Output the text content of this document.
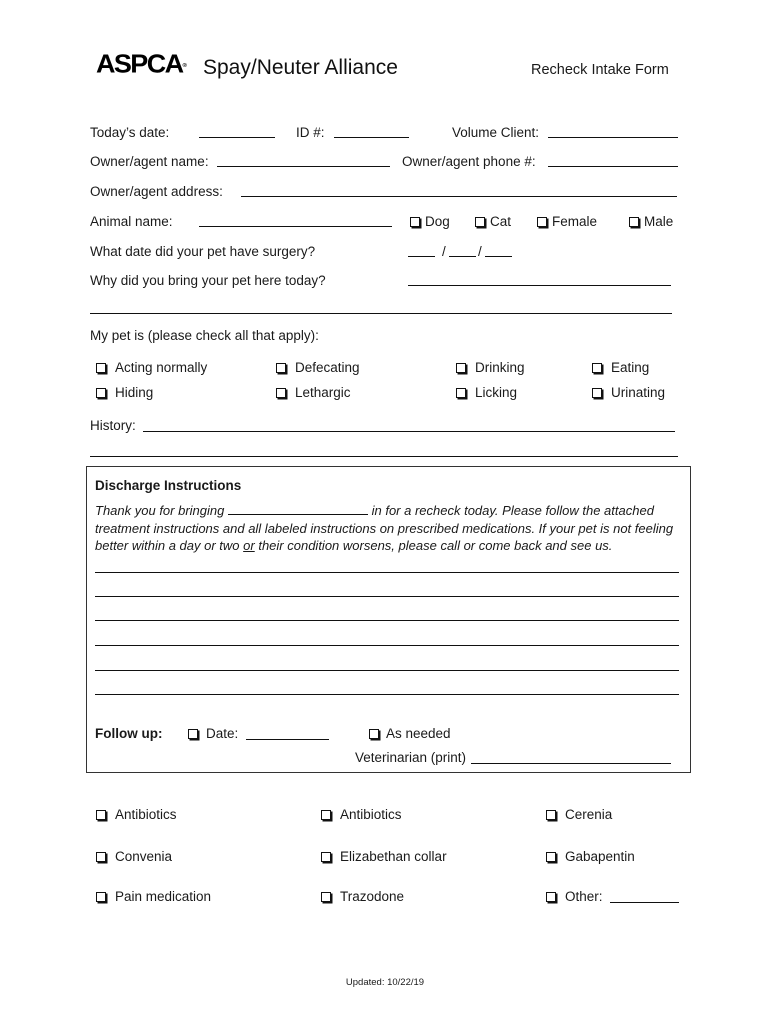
ASPCA® Spay/Neuter Alliance	Recheck Intake Form
Today’s date:	ID #:	Volume Client:
Owner/agent name:	Owner/agent phone #:
Owner/agent address:
Animal name:	Dog	Cat	Female	Male
What date did your pet have surgery?	/ /
Why did you bring your pet here today?
My pet is (please check all that apply):
Acting normally	Defecating	Drinking	Eating
Hiding	Lethargic	Licking	Urinating
History:
Discharge Instructions
Thank you for bringing	in for a recheck today. Please follow the attached treatment instructions and all labeled instructions on prescribed medications. If your pet is not feeling better within a day or two or their condition worsens, please call or come back and see us.
Follow up:	Date:	As needed
Veterinarian (print)
Antibiotics	Antibiotics	Cerenia
Convenia	Elizabethan collar	Gabapentin
Pain medication	Trazodone	Other:
Updated: 10/22/19
